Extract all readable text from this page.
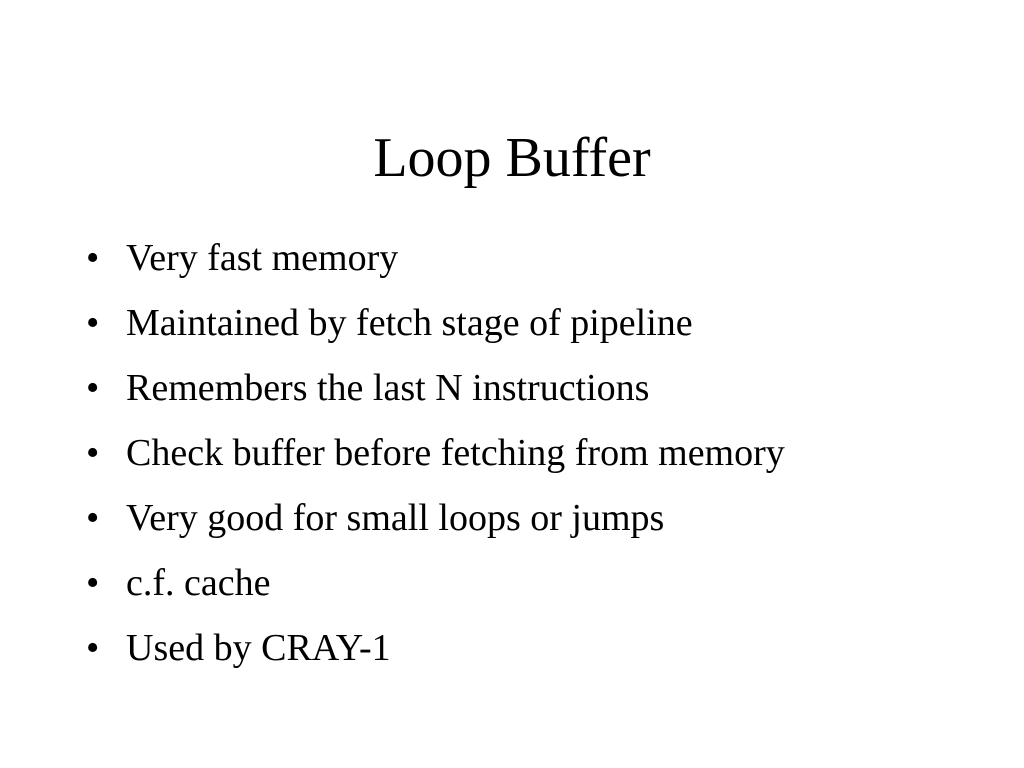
Loop Buffer
• Very fast memory
• Maintained by fetch stage of pipeline
• Remembers the last N instructions
• Check buffer before fetching from memory
• Very good for small loops or jumps
• c.f. cache
• Used by CRAY-1
